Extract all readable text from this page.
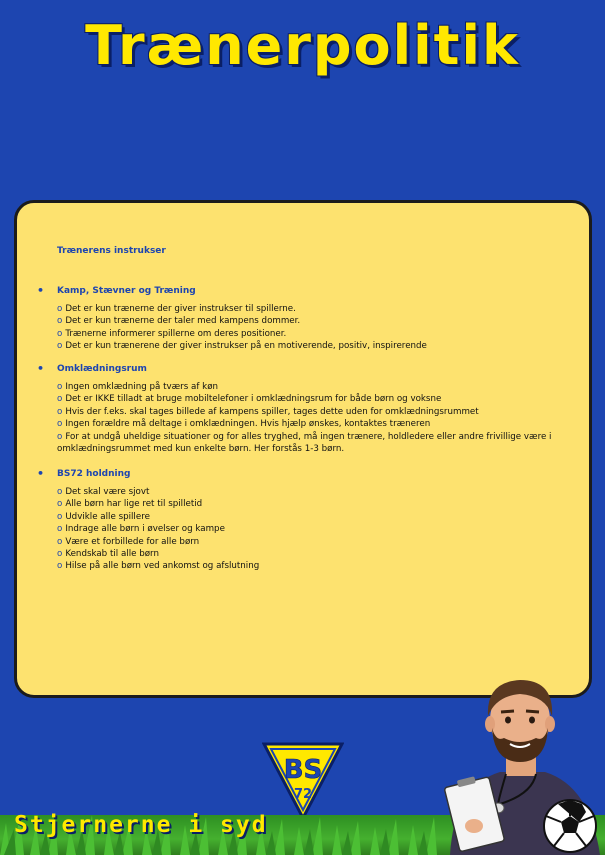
Trænerpolitik
Trænerens instrukser
• Kamp, Stævner og Træning
o Det er kun trænerne der giver instrukser til spillerne.
o Det er kun trænerne der taler med kampens dommer.
o Trænerne informerer spillerne om deres positioner.
o Det er kun trænerene der giver instrukser på en motiverende, positiv, inspirerende
• Omklædningsrum
o Ingen omklædning på tværs af køn
o Det er IKKE tilladt at bruge mobiltelefoner i omklædningsrum for både børn og voksne
o Hvis der f.eks. skal tages billede af kampens spiller, tages dette uden for omklædningsrummet
o Ingen forældre må deltage i omklædningen. Hvis hjælp ønskes, kontaktes træneren
o For at undgå uheldige situationer og for alles tryghed, må ingen trænere, holdledere eller andre frivillige være i omklædningsrummet med kun enkelte børn. Her forstås 1-3 børn.
• BS72 holdning
o Det skal være sjovt
o Alle børn har lige ret til spilletid
o Udvikle alle spillere
o Indrage alle børn i øvelser og kampe
o Være et forbillede for alle børn
o Kendskab til alle børn
o Hilse på alle børn ved ankomst og afslutning
BS
72
Stjernerne i syd
